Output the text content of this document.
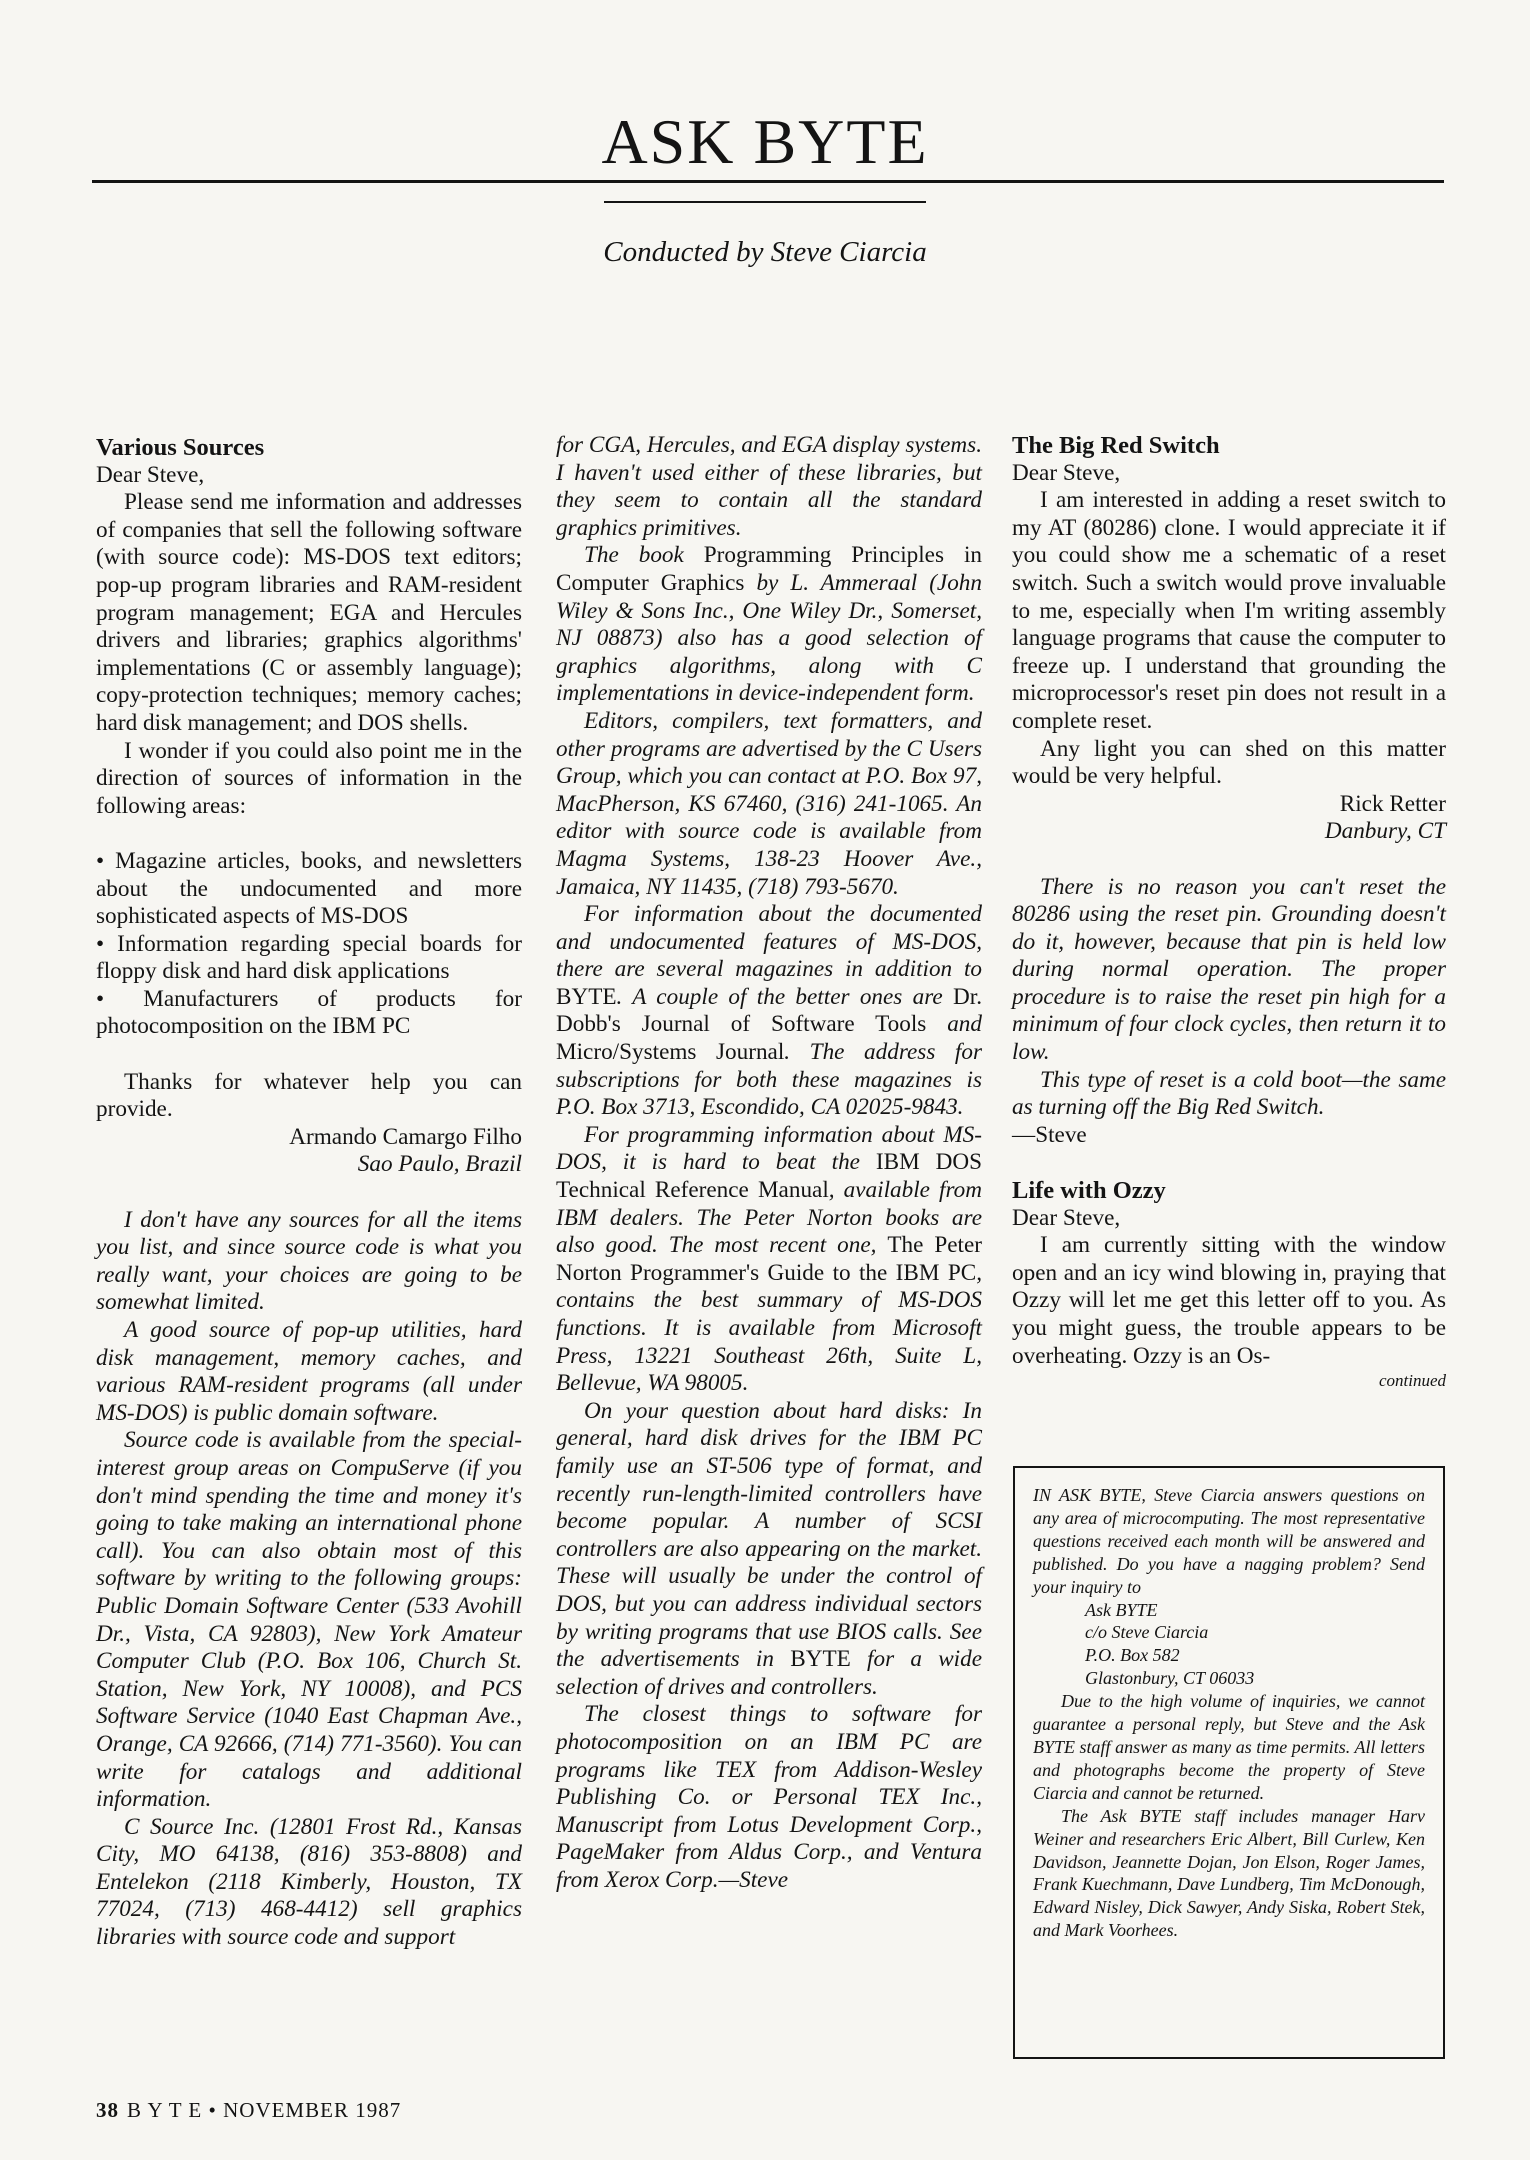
ASK BYTE
Conducted by Steve Ciarcia

Various Sources

Dear Steve,

Please send me information and addresses of companies that sell the following software (with source code): MS-DOS text editors; pop-up program libraries and RAM-resident program management; EGA and Hercules drivers and libraries; graphics algorithms' implementations (C or assembly language); copy-protection techniques; memory caches; hard disk management; and DOS shells.

I wonder if you could also point me in the direction of sources of information in the following areas:

• Magazine articles, books, and newsletters about the undocumented and more sophisticated aspects of MS-DOS

• Information regarding special boards for floppy disk and hard disk applications

• Manufacturers of products for photocomposition on the IBM PC

Thanks for whatever help you can provide.

Armando Camargo Filho

Sao Paulo, Brazil

I don't have any sources for all the items you list, and since source code is what you really want, your choices are going to be somewhat limited.

A good source of pop-up utilities, hard disk management, memory caches, and various RAM-resident programs (all under MS-DOS) is public domain software.

Source code is available from the special-interest group areas on CompuServe (if you don't mind spending the time and money it's going to take making an international phone call). You can also obtain most of this software by writing to the following groups: Public Domain Software Center (533 Avohill Dr., Vista, CA 92803), New York Amateur Computer Club (P.O. Box 106, Church St. Station, New York, NY 10008), and PCS Software Service (1040 East Chapman Ave., Orange, CA 92666, (714) 771-3560). You can write for catalogs and additional information.

C Source Inc. (12801 Frost Rd., Kansas City, MO 64138, (816) 353-8808) and Entelekon (2118 Kimberly, Houston, TX 77024, (713) 468-4412) sell graphics libraries with source code and support

for CGA, Hercules, and EGA display systems. I haven't used either of these libraries, but they seem to contain all the standard graphics primitives.

The book Programming Principles in Computer Graphics by L. Ammeraal (John Wiley & Sons Inc., One Wiley Dr., Somerset, NJ 08873) also has a good selection of graphics algorithms, along with C implementations in device-independent form.

Editors, compilers, text formatters, and other programs are advertised by the C Users Group, which you can contact at P.O. Box 97, MacPherson, KS 67460, (316) 241-1065. An editor with source code is available from Magma Systems, 138-23 Hoover Ave., Jamaica, NY 11435, (718) 793-5670.

For information about the documented and undocumented features of MS-DOS, there are several magazines in addition to BYTE. A couple of the better ones are Dr. Dobb's Journal of Software Tools and Micro/Systems Journal. The address for subscriptions for both these magazines is P.O. Box 3713, Escondido, CA 02025-9843.

For programming information about MS-DOS, it is hard to beat the IBM DOS Technical Reference Manual, available from IBM dealers. The Peter Norton books are also good. The most recent one, The Peter Norton Programmer's Guide to the IBM PC, contains the best summary of MS-DOS functions. It is available from Microsoft Press, 13221 Southeast 26th, Suite L, Bellevue, WA 98005.

On your question about hard disks: In general, hard disk drives for the IBM PC family use an ST-506 type of format, and recently run-length-limited controllers have become popular. A number of SCSI controllers are also appearing on the market. These will usually be under the control of DOS, but you can address individual sectors by writing programs that use BIOS calls. See the advertisements in BYTE for a wide selection of drives and controllers.

The closest things to software for photocomposition on an IBM PC are programs like TEX from Addison-Wesley Publishing Co. or Personal TEX Inc., Manuscript from Lotus Development Corp., PageMaker from Aldus Corp., and Ventura from Xerox Corp.—Steve

The Big Red Switch

Dear Steve,

I am interested in adding a reset switch to my AT (80286) clone. I would appreciate it if you could show me a schematic of a reset switch. Such a switch would prove invaluable to me, especially when I'm writing assembly language programs that cause the computer to freeze up. I understand that grounding the microprocessor's reset pin does not result in a complete reset.

Any light you can shed on this matter would be very helpful.

Rick Retter

Danbury, CT

There is no reason you can't reset the 80286 using the reset pin. Grounding doesn't do it, however, because that pin is held low during normal operation. The proper procedure is to raise the reset pin high for a minimum of four clock cycles, then return it to low.

This type of reset is a cold boot—the same as turning off the Big Red Switch.

—Steve

Life with Ozzy

Dear Steve,

I am currently sitting with the window open and an icy wind blowing in, praying that Ozzy will let me get this letter off to you. As you might guess, the trouble appears to be overheating. Ozzy is an Os-

continued

IN ASK BYTE, Steve Ciarcia answers questions on any area of microcomputing. The most representative questions received each month will be answered and published. Do you have a nagging problem? Send your inquiry to

Ask BYTE

c/o Steve Ciarcia

P.O. Box 582

Glastonbury, CT 06033

Due to the high volume of inquiries, we cannot guarantee a personal reply, but Steve and the Ask BYTE staff answer as many as time permits. All letters and photographs become the property of Steve Ciarcia and cannot be returned.

The Ask BYTE staff includes manager Harv Weiner and researchers Eric Albert, Bill Curlew, Ken Davidson, Jeannette Dojan, Jon Elson, Roger James, Frank Kuechmann, Dave Lundberg, Tim McDonough, Edward Nisley, Dick Sawyer, Andy Siska, Robert Stek, and Mark Voorhees.

38 B Y T E • NOVEMBER 1987
